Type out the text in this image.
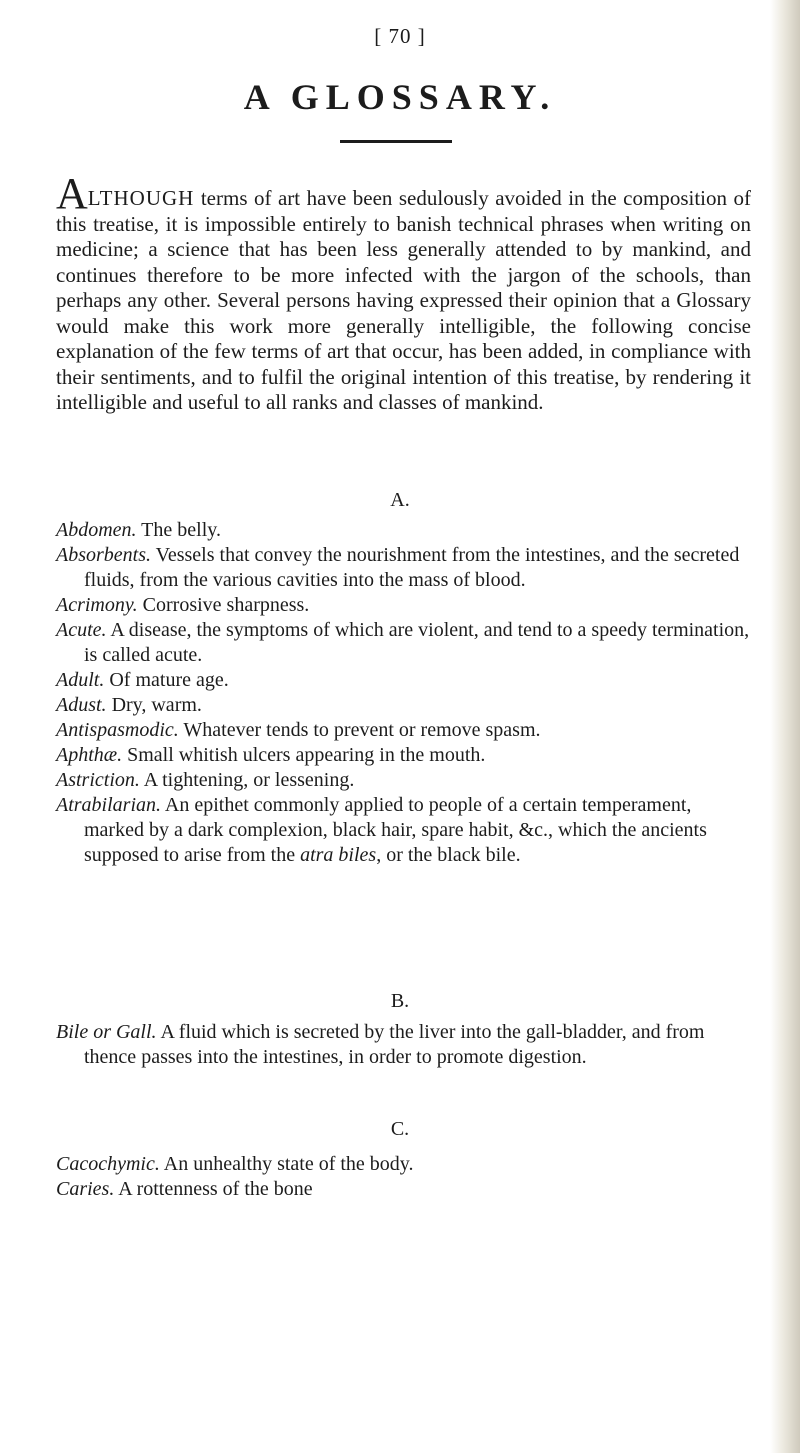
[ 70 ]
A GLOSSARY.

ALTHOUGH terms of art have been sedulously avoided in the composition of this treatise, it is impossible entirely to banish technical phrases when writing on medicine; a science that has been less generally attended to by mankind, and continues therefore to be more infected with the jargon of the schools, than perhaps any other. Several persons having expressed their opinion that a Glossary would make this work more generally intelligible, the following concise explanation of the few terms of art that occur, has been added, in compliance with their sentiments, and to fulfil the original intention of this treatise, by rendering it intelligible and useful to all ranks and classes of mankind.

A.
Abdomen. The belly.
Absorbents. Vessels that convey the nourishment from the intestines, and the secreted fluids, from the various cavities into the mass of blood.
Acrimony. Corrosive sharpness.
Acute. A disease, the symptoms of which are violent, and tend to a speedy termination, is called acute.
Adult. Of mature age.
Adust. Dry, warm.
Antispasmodic. Whatever tends to prevent or remove spasm.
Aphthæ. Small whitish ulcers appearing in the mouth.
Astriction. A tightening, or lessening.
Atrabilarian. An epithet commonly applied to people of a certain temperament, marked by a dark complexion, black hair, spare habit, &c., which the ancients supposed to arise from the atra biles, or the black bile.
B.
Bile or Gall. A fluid which is secreted by the liver into the gall-bladder, and from thence passes into the intestines, in order to promote digestion.
C.
Cacochymic. An unhealthy state of the body.
Caries. A rottenness of the bone
